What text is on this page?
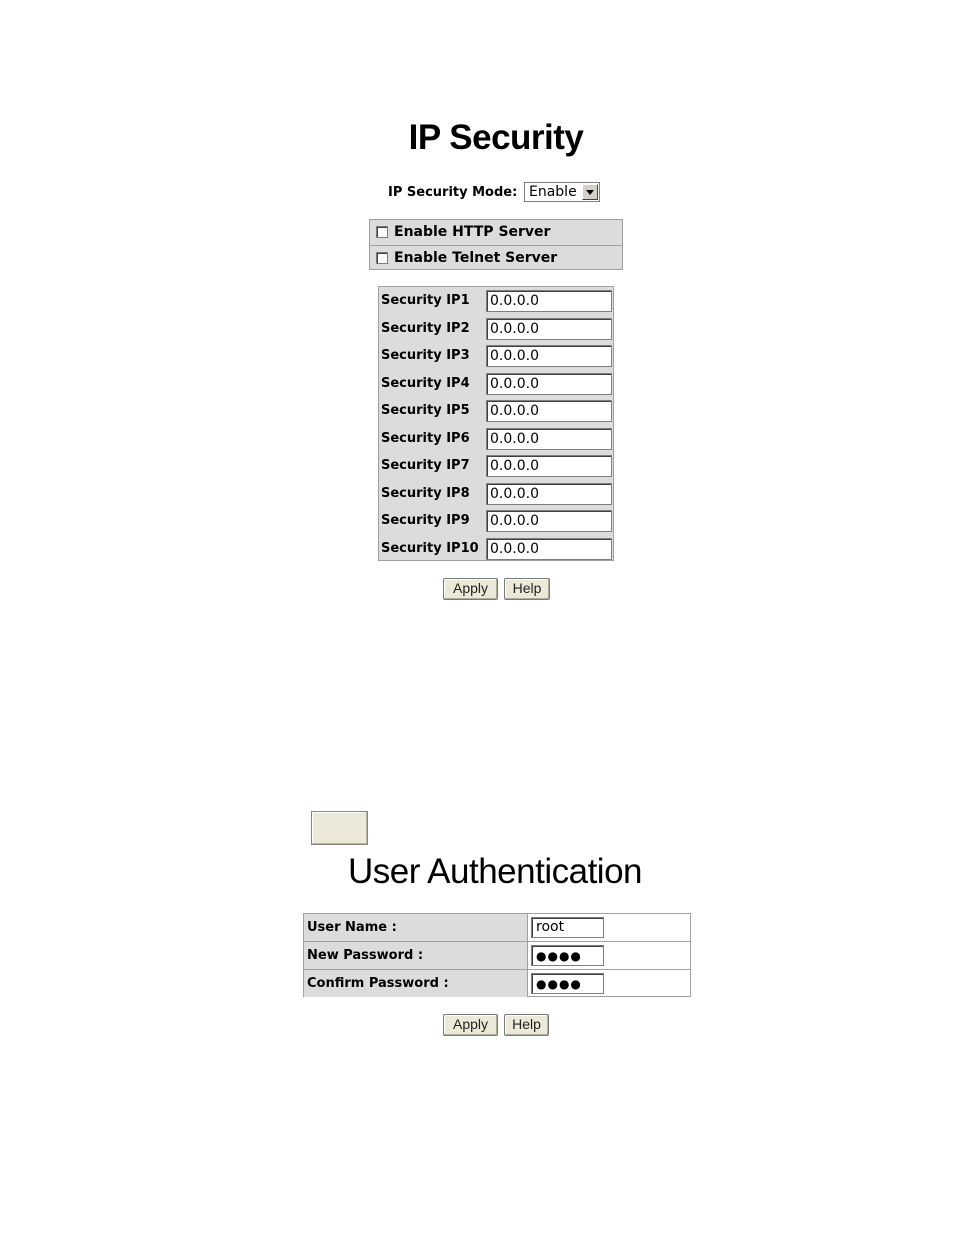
IP Security
IP Security Mode: Enable
Enable HTTP Server
Enable Telnet Server
Security IP1 0.0.0.0
Security IP2 0.0.0.0
Security IP3 0.0.0.0
Security IP4 0.0.0.0
Security IP5 0.0.0.0
Security IP6 0.0.0.0
Security IP7 0.0.0.0
Security IP8 0.0.0.0
Security IP9 0.0.0.0
Security IP10 0.0.0.0
Apply	Help
User Authentication
User Name :	root
New Password :	●●●●
Confirm Password :	●●●●
Apply	Help
